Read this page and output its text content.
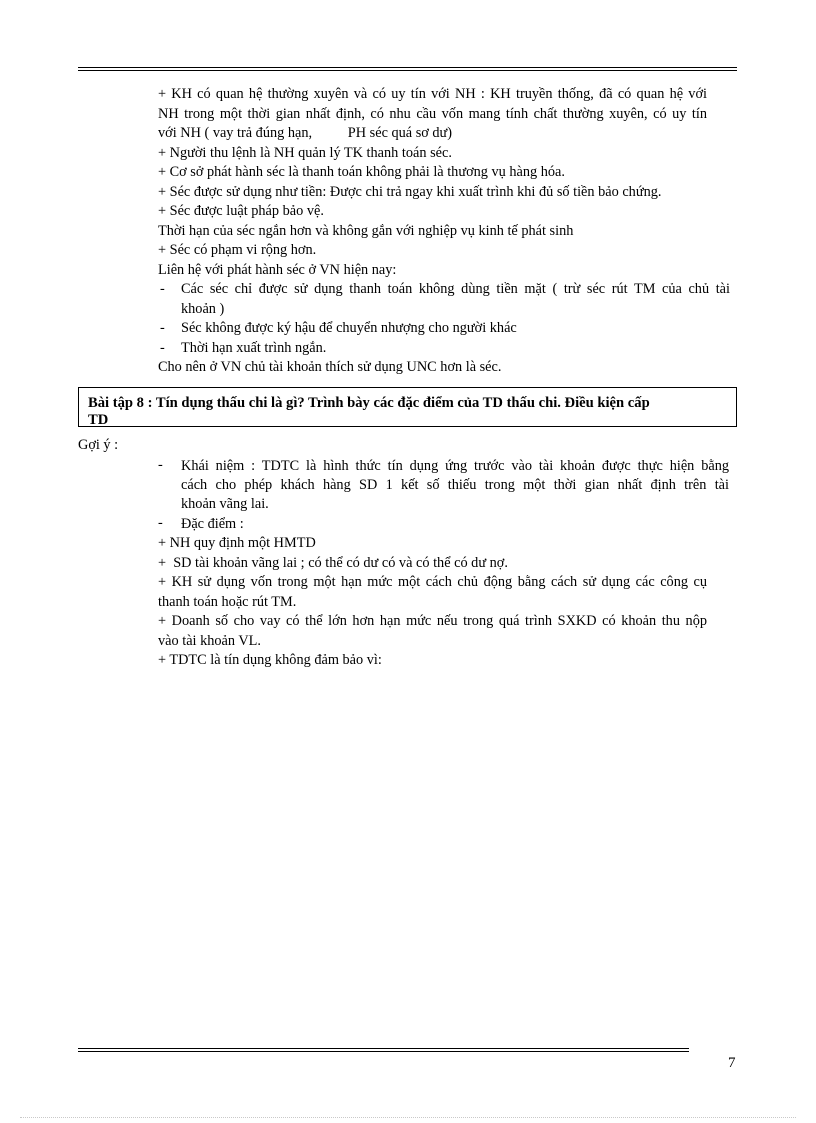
+ KH có quan hệ thường xuyên và có uy tín với NH : KH truyền thống, đã có quan hệ với
NH trong một thời gian nhất định, có nhu cầu vốn mang tính chất thường xuyên, có uy tín
với NH ( vay trả đúng hạn,          PH séc quá sơ dư)
+ Người thu lệnh là NH quản lý TK thanh toán séc.
+ Cơ sở phát hành séc là thanh toán không phải là thương vụ hàng hóa.
+ Séc được sử dụng như tiền: Được chi trả ngay khi xuất trình khi đủ số tiền bảo chứng.
+ Séc được luật pháp bảo vệ.
Thời hạn của séc ngắn hơn và không gắn với nghiệp vụ kinh tế phát sinh
+ Séc có phạm vi rộng hơn.
Liên hệ với phát hành séc ở VN hiện nay:
- Các séc chỉ được sử dụng thanh toán không dùng tiền mặt ( trừ séc rút TM của chủ tài
khoản )
- Séc không được ký hậu để chuyển nhượng cho người khác
- Thời hạn xuất trình ngắn.
Cho nên ở VN chủ tài khoản thích sử dụng UNC hơn là séc.
Bài tập 8 : Tín dụng thấu chi là gì? Trình bày các đặc điểm của TD thấu chi. Điều kiện cấp
TD
Gợi ý :
- Khái niệm : TDTC là hình thức tín dụng ứng trước vào tài khoản được thực hiện bằng
cách cho phép khách hàng SD 1 kết số thiếu trong một thời gian nhất định trên tài
khoản vãng lai.
- Đặc điểm :
+ NH quy định một HMTD
+  SD tài khoản vãng lai ; có thể có dư có và có thể có dư nợ.
+ KH sử dụng vốn trong một hạn mức một cách chủ động bằng cách sử dụng các công cụ
thanh toán hoặc rút TM.
+ Doanh số cho vay có thể lớn hơn hạn mức nếu trong quá trình SXKD có khoản thu nộp
vào tài khoản VL.
+ TDTC là tín dụng không đảm bảo vì:
7
